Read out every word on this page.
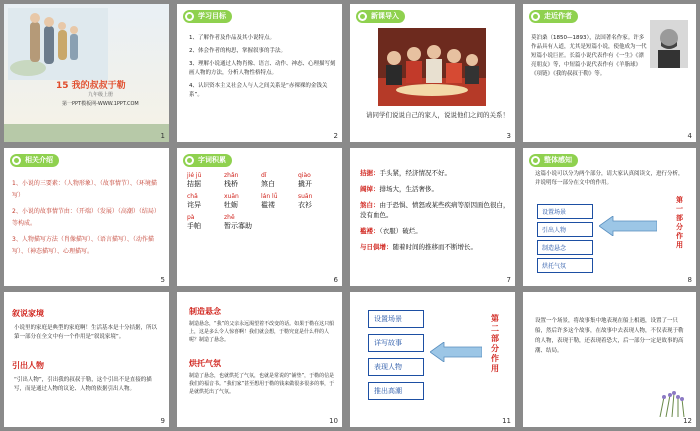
15 我的叔叔于勒
九年级上册
第一PPT模板网-WWW.1PPT.COM
1
学习目标
1、了解作者及作品及其小说特点。
2、体会作者的构思，掌握叙事的手法。
3、理解小说通过人物肖像、语言、动作、神态、心理描写刻画人物的方法，分析人物性格特点。
4、认识资本主义社会人与人之间关系是“赤裸裸的金钱关系”。
2
新课导入
请同学们说说自己的家人，说说他们之间的关系！
3
走近作者
莫泊桑（1850—1893），法国著名作家。许多作品具有人道，尤其是短篇小说，使他成为一代短篇小说巨匠。长篇小说代表作有《一生》《漂亮朋友》等，中短篇小说代表作有《羊脂球》《项链》《我的叔叔于勒》等。
4
相关介绍
1、小说的三要素：（人物形象）、（故事情节）、（环境描写）
2、小说的故事情节由：（开端）（发展）（高潮）（结局）等构成。
3、人物描写方法（肖像描写）、（语言描写）、（动作描写）、（神态描写）、心理描写。
5
字词积累
jié jū
拮据
zhǎn
栈桥
dǐ
煞白
qiào
撬开
chǎ
诧异
xuān
牡蛎
lán lǚ
褴褛
suān
衣衫
pà
手帕
zhē
暂示寡助
6
拮据：手头紧，经济情况不好。
阔绰：排场大，生活奢侈。
煞白：由于恐惧、愤怒或某些疾病等原因面色很白，没有血色。
褴褛：（衣服）破烂。
与日俱增：随着时间的推移而不断增长。
7
整体感知
这篇小说可以分为两个部分，请大家认真阅读文，进行分析，并说明每一部分在文中的作用。
设置场景
引出人物
制造悬念
烘托气氛
第一部分作用
8
叙说家境
小说里的家庭是典型的家庭啊！生活基本是十分拮据，所以第一部分在全文中有一个作用是“叙说家境”。
引出人物
“引出人物”，引出我的叔叔于勒，这个引出不是直接的描写，而是通过人物的议论、人物的依据引出人物。
9
制造悬念
制造悬念，“我”的父亲永远渴望着不改变的话。如果于勒在这只船上，这是多么令人惊喜啊！我们就会想，于勒究竟是什么样的人呢？制造了悬念。
烘托气氛
制造了悬念，也就烘托了气氛，也就是常说的“铺垫”，于勒的信是我们的福音书。“我们家”甚至想用于勒的钱来做很多很多的事，于是就烘托出了气氛。
10
设置场景
详写故事
表现人物
推出高潮
第二部分作用
11
设置一个场景，将故事集中地表现在船上相遇，设置了一只船，然后许多这个故事，在故事中去表现人物，不仅表现于勒的人物，表现于勒，还表现着恐大，后一部分一定是故事的高潮、结局。
12
